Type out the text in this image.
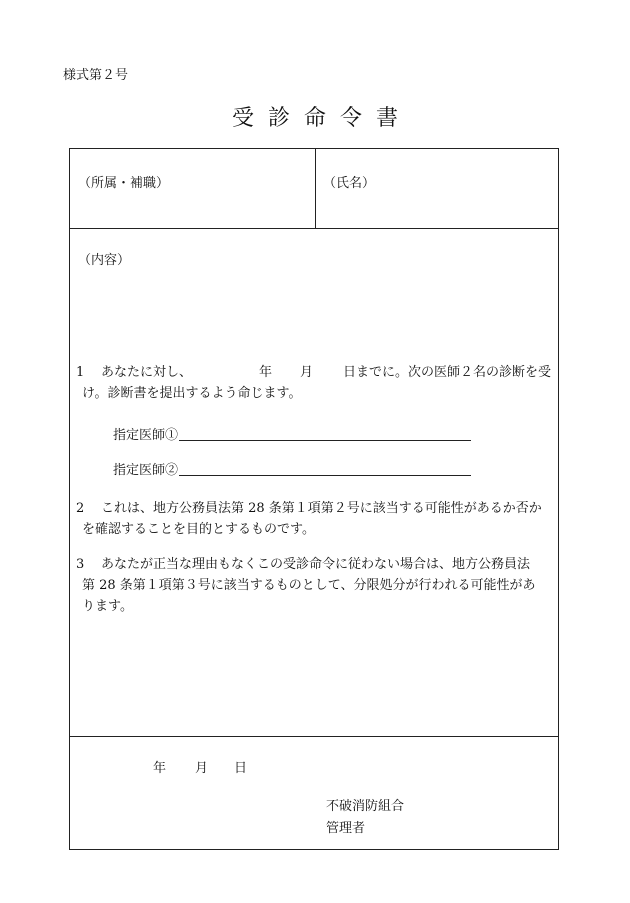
様式第２号
受診命令書
（所属・補職）	（氏名）
（内容）
1 あなたに対し、	年 月 日までに。次の医師２名の診断を受
け。診断書を提出するよう命じます。
指定医師①
指定医師②
2	これは、地方公務員法第 28 条第１項第２号に該当する可能性があるか否か
を確認することを目的とするものです。
3	あなたが正当な理由もなくこの受診命令に従わない場合は、地方公務員法
第 28 条第１項第３号に該当するものとして、分限処分が行われる可能性があ
ります。
年 月 日
不破消防組合
管理者
